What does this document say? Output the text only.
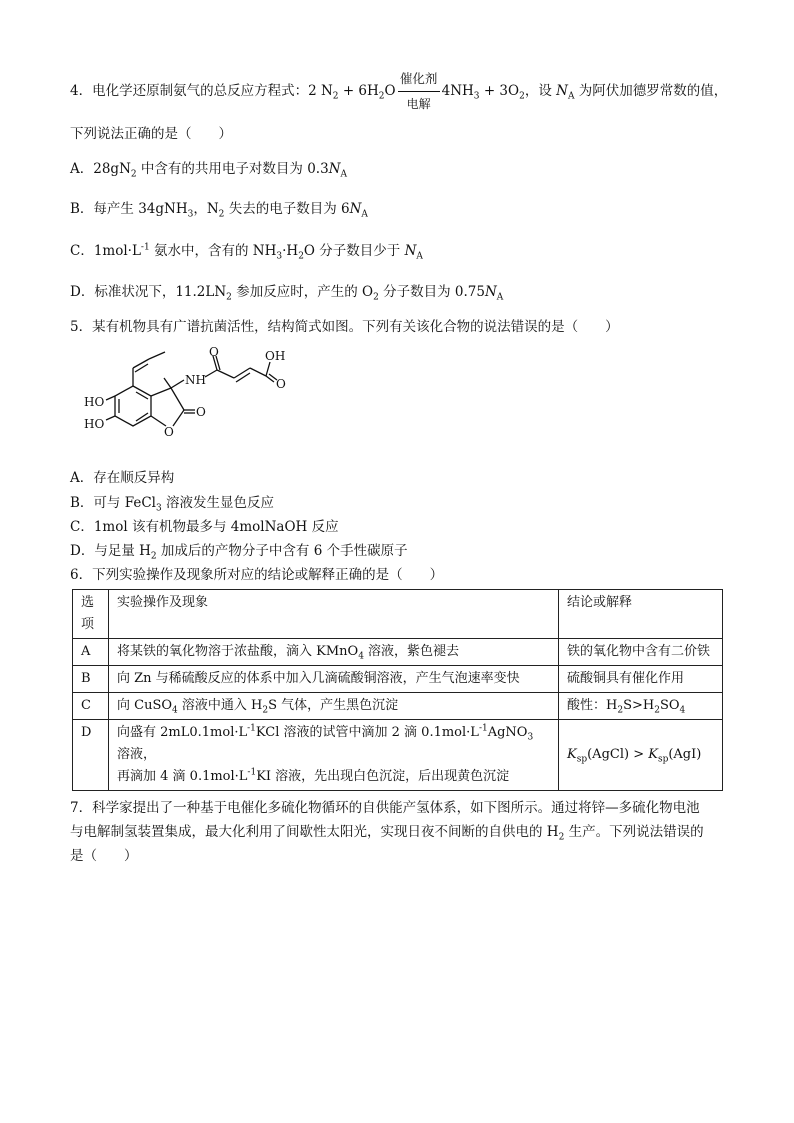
4．电化学还原制氨气的总反应方程式：2 $N_2 + 6H_2O \frac{\text{催化剂}}{\text{电解}} 4NH_3 + 3O_2$，设 $N_A$ 为阿伏加德罗常数的值，
下列说法正确的是（　　）
A．$28gN_2$ 中含有的共用电子对数目为 $0.3N_A$
B．每产生 34gNH$_3$，$N_2$ 失去的电子数目为 $6N_A$
C．$1mol\cdot L^{-1}$ 氨水中，含有的 $NH_3\cdot H_2O$ 分子数目少于 $N_A$
D．标准状况下，$11.2LN_2$ 参加反应时，产生的 $O_2$ 分子数目为 $0.75N_A$
5．某有机物具有广谱抗菌活性，结构简式如图。下列有关该化合物的说法错误的是（　　）
OH
O
NH	O
HO
HO
O
O
A．存在顺反异构
B．可与 FeCl$_3$ 溶液发生显色反应
C．1mol 该有机物最多与 4molNaOH 反应
D．与足量 $H_2$ 加成后的产物分子中含有 6 个手性碳原子
6．下列实验操作及现象所对应的结论或解释正确的是（　　）
选项	实验操作及现象	结论或解释
A	将某铁的氧化物溶于浓盐酸，滴入 KMnO$_4$ 溶液，紫色褪去	铁的氧化物中含有二价铁
B	向 Zn 与稀硫酸反应的体系中加入几滴硫酸铜溶液，产生气泡速率变快	硫酸铜具有催化作用
C	向 CuSO$_4$ 溶液中通入 $H_2S$ 气体，产生黑色沉淀	酸性：$H_2S>H_2SO_4$
D	向盛有 $2mL0.1mol\cdot L^{-1}KCl$ 溶液的试管中滴加 2 滴 $0.1mol\cdot L^{-1}AgNO_3$ 溶液，
再滴加 4 滴 $0.1mol\cdot L^{-1}KI$ 溶液，先出现白色沉淀，后出现黄色沉淀	$K_{sp}(AgCl) > K_{sp}(AgI)$
7．科学家提出了一种基于电催化多硫化物循环的自供能产氢体系，如下图所示。通过将锌—多硫化物电池
与电解制氢装置集成，最大化利用了间歇性太阳光，实现日夜不间断的自供电的 $H_2$ 生产。下列说法错误的
是（　　）
